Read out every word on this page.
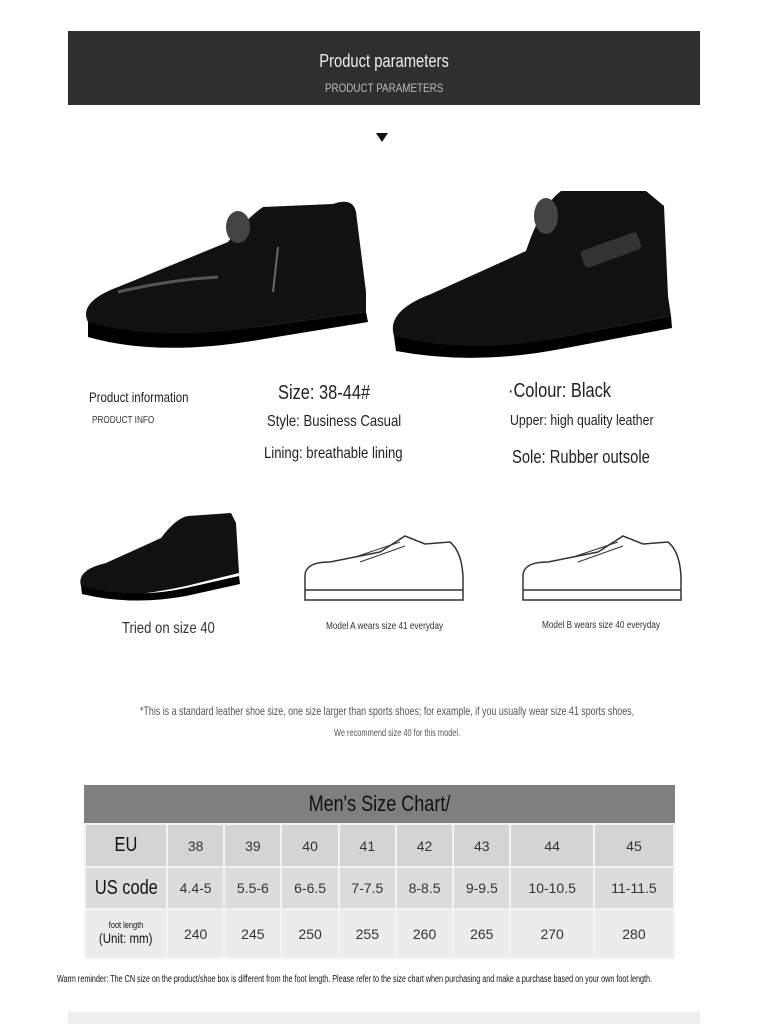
Product parameters
PRODUCT PARAMETERS
Product information
PRODUCT INFO
Size: 38-44#	·Colour: Black
Style: Business Casual	Upper: high quality leather
Lining: breathable lining	Sole: Rubber outsole
Tried on size 40	Model A wears size 41 everyday	Model B wears size 40 everyday
*This is a standard leather shoe size, one size larger than sports shoes; for example, if you usually wear size 41 sports shoes,
We recommend size 40 for this model.
Men's Size Chart/
EU	38	39	40	41	42	43	44	45
US code	4.4-5	5.5-6	6-6.5	7-7.5	8-8.5	9-9.5	10-10.5	11-11.5

foot length
(Unit: mm)	240	245	250	255	260	265	270	280
Warm reminder: The CN size on the product/shoe box is different from the foot length. Please refer to the size chart when purchasing and make a purchase based on your own foot length.
